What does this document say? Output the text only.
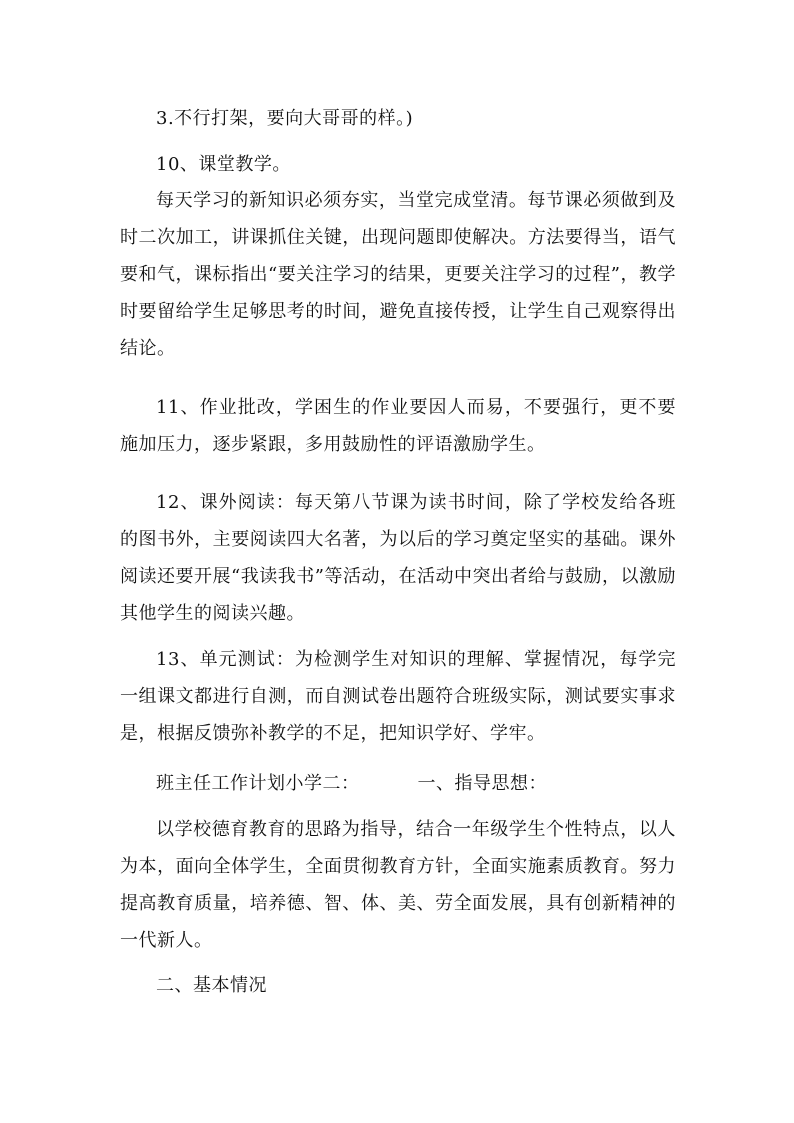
3.不行打架，要向大哥哥的样。)

10、课堂教学。

每天学习的新知识必须夯实，当堂完成堂清。每节课必须做到及时二次加工，讲课抓住关键，出现问题即使解决。方法要得当，语气要和气，课标指出“要关注学习的结果，更要关注学习的过程”，教学时要留给学生足够思考的时间，避免直接传授，让学生自己观察得出结论。

11、作业批改，学困生的作业要因人而易，不要强行，更不要施加压力，逐步紧跟，多用鼓励性的评语激励学生。

12、课外阅读：每天第八节课为读书时间，除了学校发给各班的图书外，主要阅读四大名著，为以后的学习奠定坚实的基础。课外阅读还要开展“我读我书”等活动，在活动中突出者给与鼓励，以激励其他学生的阅读兴趣。

13、单元测试：为检测学生对知识的理解、掌握情况，每学完一组课文都进行自测，而自测试卷出题符合班级实际，测试要实事求是，根据反馈弥补教学的不足，把知识学好、学牢。

班主任工作计划小学二：	一、指导思想：

以学校德育教育的思路为指导，结合一年级学生个性特点，以人为本，面向全体学生，全面贯彻教育方针，全面实施素质教育。努力提高教育质量，培养德、智、体、美、劳全面发展，具有创新精神的一代新人。

二、基本情况
